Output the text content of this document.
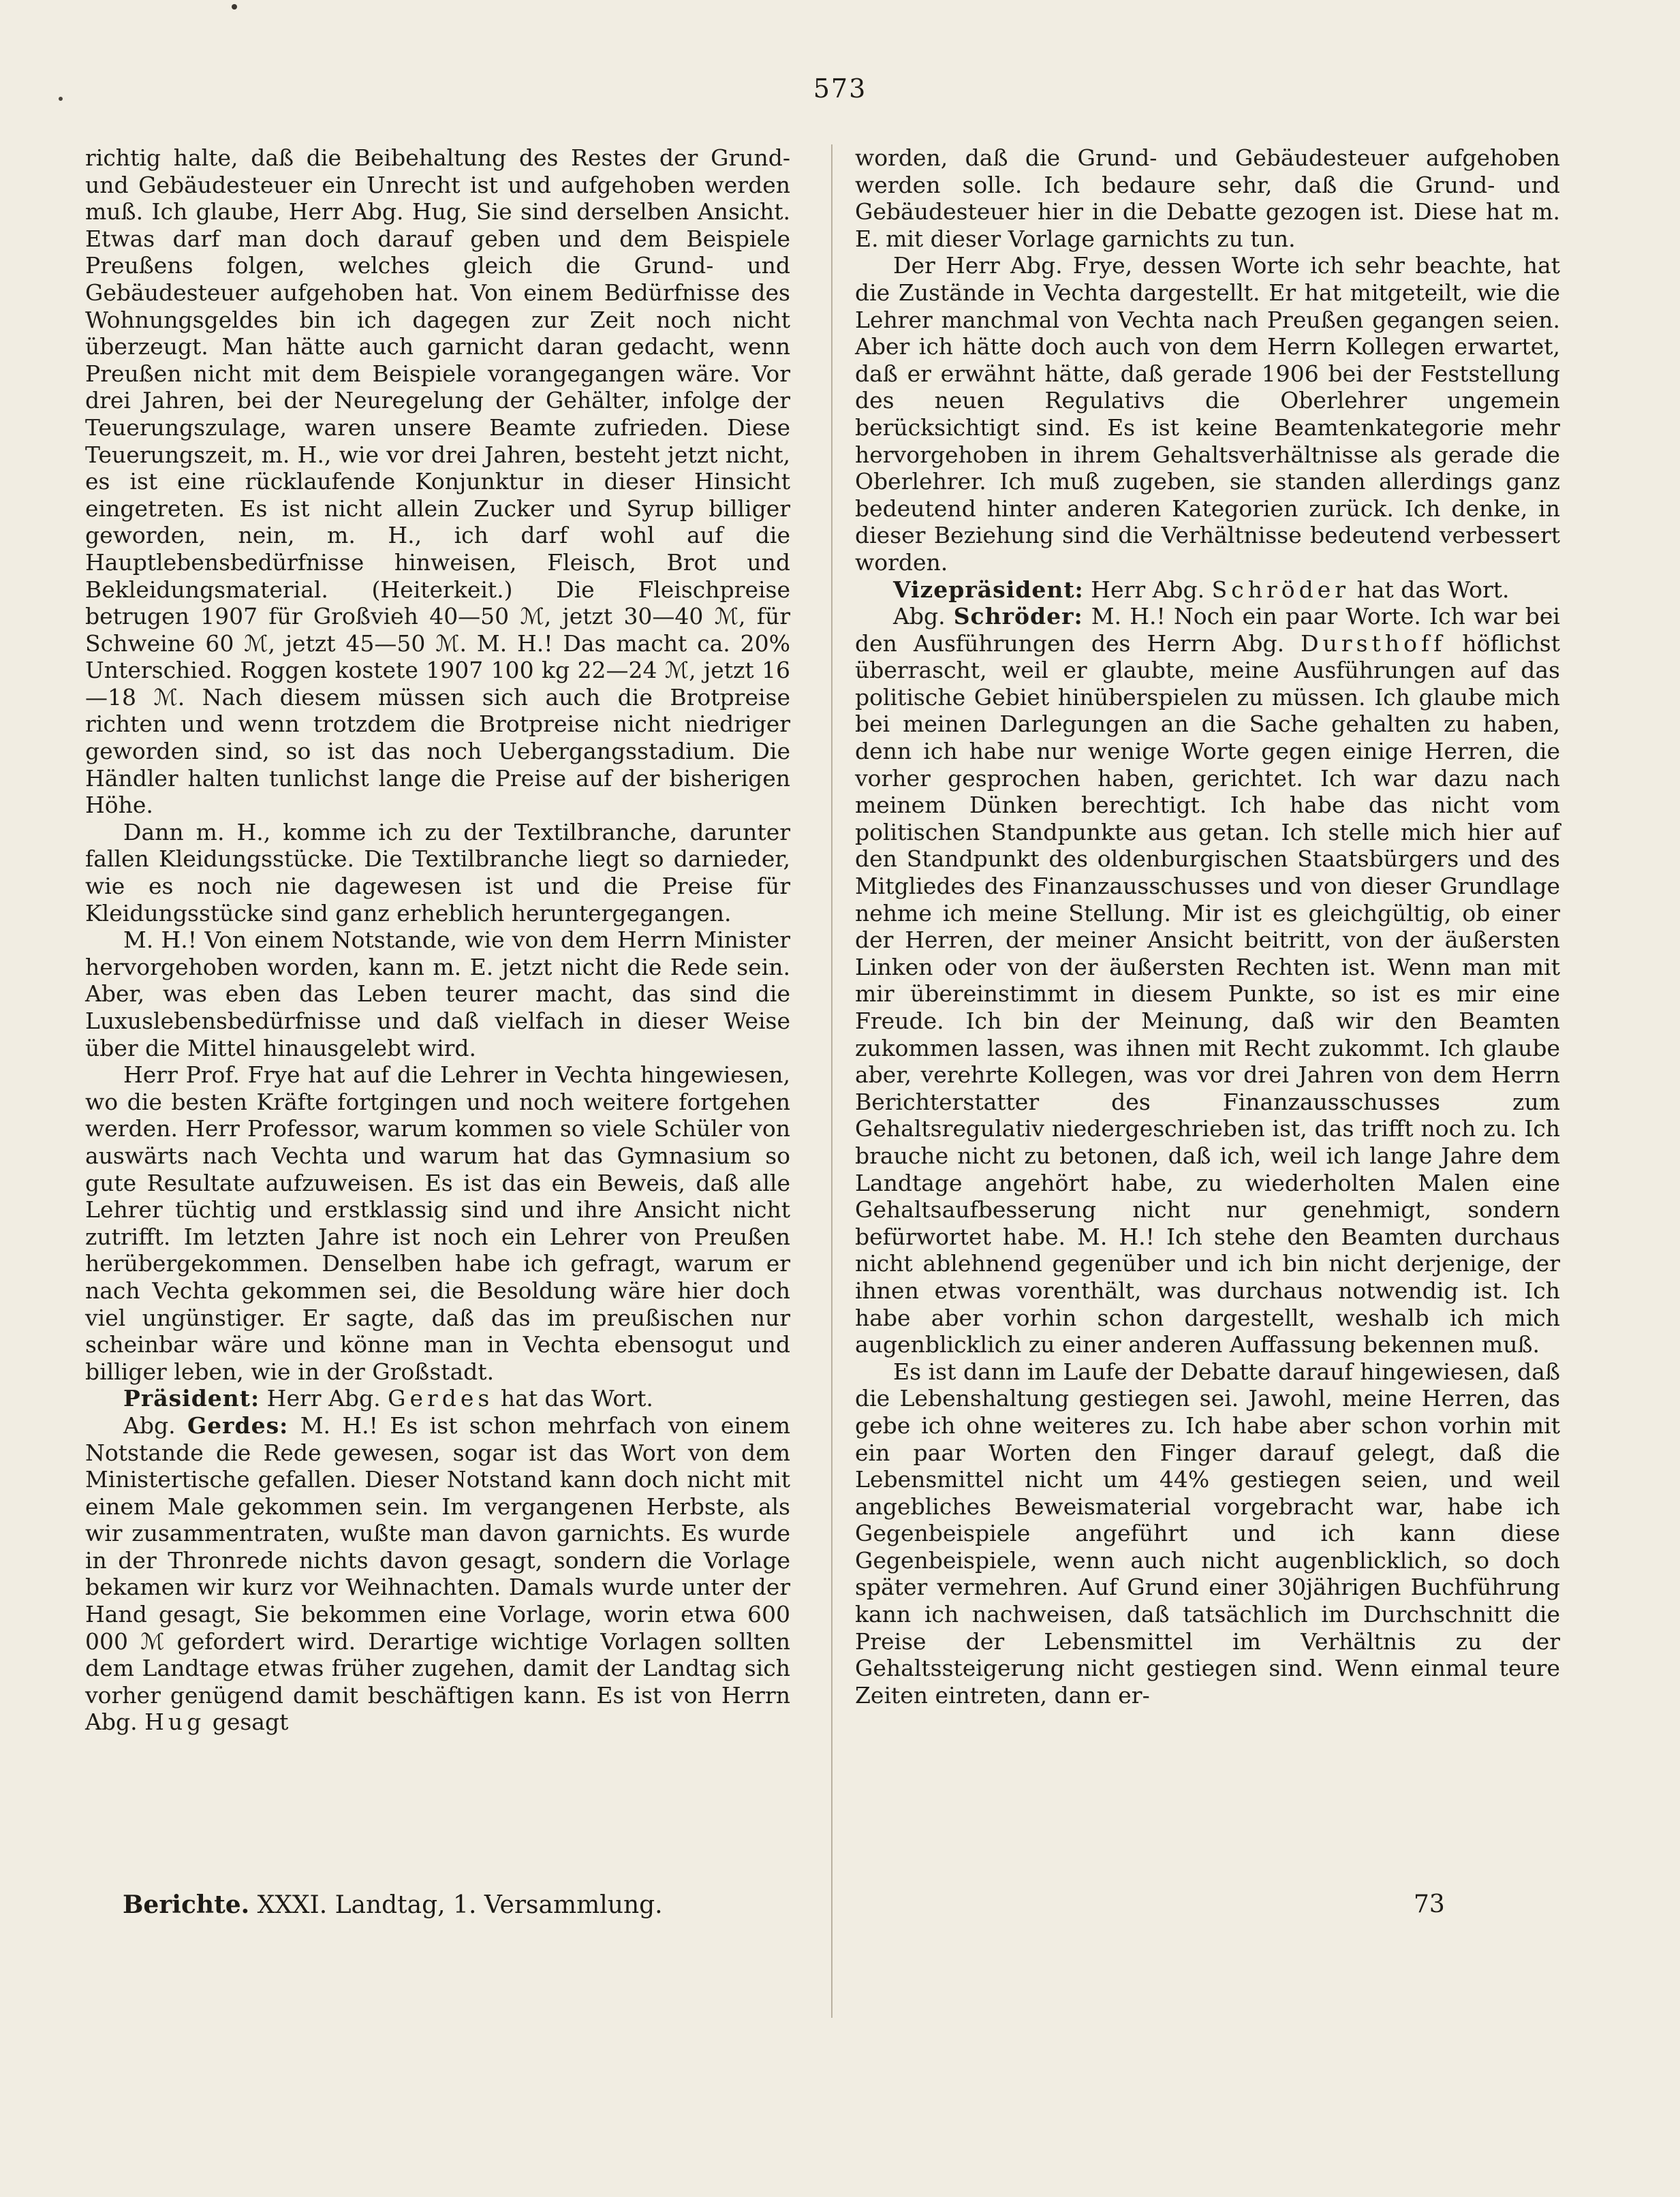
573

richtig halte, daß die Beibehaltung des Restes der Grund- und Gebäudesteuer ein Unrecht ist und aufgehoben werden muß. Ich glaube, Herr Abg. Hug, Sie sind derselben Ansicht. Etwas darf man doch darauf geben und dem Beispiele Preußens folgen, welches gleich die Grund- und Gebäudesteuer aufgehoben hat. Von einem Bedürfnisse des Wohnungsgeldes bin ich dagegen zur Zeit noch nicht überzeugt. Man hätte auch garnicht daran gedacht, wenn Preußen nicht mit dem Beispiele vorangegangen wäre. Vor drei Jahren, bei der Neuregelung der Gehälter, infolge der Teuerungszulage, waren unsere Beamte zufrieden. Diese Teuerungszeit, m. H., wie vor drei Jahren, besteht jetzt nicht, es ist eine rücklaufende Konjunktur in dieser Hinsicht eingetreten. Es ist nicht allein Zucker und Syrup billiger geworden, nein, m. H., ich darf wohl auf die Hauptlebensbedürfnisse hinweisen, Fleisch, Brot und Bekleidungsmaterial. (Heiterkeit.) Die Fleischpreise betrugen 1907 für Großvieh 40—50 ℳ, jetzt 30—40 ℳ, für Schweine 60 ℳ, jetzt 45—50 ℳ. M. H.! Das macht ca. 20% Unterschied. Roggen kostete 1907 100 kg 22—24 ℳ, jetzt 16—18 ℳ. Nach diesem müssen sich auch die Brotpreise richten und wenn trotzdem die Brotpreise nicht niedriger geworden sind, so ist das noch Uebergangsstadium. Die Händler halten tunlichst lange die Preise auf der bisherigen Höhe.

Dann m. H., komme ich zu der Textilbranche, darunter fallen Kleidungsstücke. Die Textilbranche liegt so darnieder, wie es noch nie dagewesen ist und die Preise für Kleidungsstücke sind ganz erheblich heruntergegangen.

M. H.! Von einem Notstande, wie von dem Herrn Minister hervorgehoben worden, kann m. E. jetzt nicht die Rede sein. Aber, was eben das Leben teurer macht, das sind die Luxuslebensbedürfnisse und daß vielfach in dieser Weise über die Mittel hinausgelebt wird.

Herr Prof. Frye hat auf die Lehrer in Vechta hingewiesen, wo die besten Kräfte fortgingen und noch weitere fortgehen werden. Herr Professor, warum kommen so viele Schüler von auswärts nach Vechta und warum hat das Gymnasium so gute Resultate aufzuweisen. Es ist das ein Beweis, daß alle Lehrer tüchtig und erstklassig sind und ihre Ansicht nicht zutrifft. Im letzten Jahre ist noch ein Lehrer von Preußen herübergekommen. Denselben habe ich gefragt, warum er nach Vechta gekommen sei, die Besoldung wäre hier doch viel ungünstiger. Er sagte, daß das im preußischen nur scheinbar wäre und könne man in Vechta ebensogut und billiger leben, wie in der Großstadt.

Präsident: Herr Abg. Gerdes hat das Wort.

Abg. Gerdes: M. H.! Es ist schon mehrfach von einem Notstande die Rede gewesen, sogar ist das Wort von dem Ministertische gefallen. Dieser Notstand kann doch nicht mit einem Male gekommen sein. Im vergangenen Herbste, als wir zusammentraten, wußte man davon garnichts. Es wurde in der Thronrede nichts davon gesagt, sondern die Vorlage bekamen wir kurz vor Weihnachten. Damals wurde unter der Hand gesagt, Sie bekommen eine Vorlage, worin etwa 600 000 ℳ gefordert wird. Derartige wichtige Vorlagen sollten dem Landtage etwas früher zugehen, damit der Landtag sich vorher genügend damit beschäftigen kann. Es ist von Herrn Abg. Hug gesagt

worden, daß die Grund- und Gebäudesteuer aufgehoben werden solle. Ich bedaure sehr, daß die Grund- und Gebäudesteuer hier in die Debatte gezogen ist. Diese hat m. E. mit dieser Vorlage garnichts zu tun.

Der Herr Abg. Frye, dessen Worte ich sehr beachte, hat die Zustände in Vechta dargestellt. Er hat mitgeteilt, wie die Lehrer manchmal von Vechta nach Preußen gegangen seien. Aber ich hätte doch auch von dem Herrn Kollegen erwartet, daß er erwähnt hätte, daß gerade 1906 bei der Feststellung des neuen Regulativs die Oberlehrer ungemein berücksichtigt sind. Es ist keine Beamtenkategorie mehr hervorgehoben in ihrem Gehaltsverhältnisse als gerade die Oberlehrer. Ich muß zugeben, sie standen allerdings ganz bedeutend hinter anderen Kategorien zurück. Ich denke, in dieser Beziehung sind die Verhältnisse bedeutend verbessert worden.

Vizepräsident: Herr Abg. Schröder hat das Wort.

Abg. Schröder: M. H.! Noch ein paar Worte. Ich war bei den Ausführungen des Herrn Abg. Dursthoff höflichst überrascht, weil er glaubte, meine Ausführungen auf das politische Gebiet hinüberspielen zu müssen. Ich glaube mich bei meinen Darlegungen an die Sache gehalten zu haben, denn ich habe nur wenige Worte gegen einige Herren, die vorher gesprochen haben, gerichtet. Ich war dazu nach meinem Dünken berechtigt. Ich habe das nicht vom politischen Standpunkte aus getan. Ich stelle mich hier auf den Standpunkt des oldenburgischen Staatsbürgers und des Mitgliedes des Finanzausschusses und von dieser Grundlage nehme ich meine Stellung. Mir ist es gleichgültig, ob einer der Herren, der meiner Ansicht beitritt, von der äußersten Linken oder von der äußersten Rechten ist. Wenn man mit mir übereinstimmt in diesem Punkte, so ist es mir eine Freude. Ich bin der Meinung, daß wir den Beamten zukommen lassen, was ihnen mit Recht zukommt. Ich glaube aber, verehrte Kollegen, was vor drei Jahren von dem Herrn Berichterstatter des Finanzausschusses zum Gehaltsregulativ niedergeschrieben ist, das trifft noch zu. Ich brauche nicht zu betonen, daß ich, weil ich lange Jahre dem Landtage angehört habe, zu wiederholten Malen eine Gehaltsaufbesserung nicht nur genehmigt, sondern befürwortet habe. M. H.! Ich stehe den Beamten durchaus nicht ablehnend gegenüber und ich bin nicht derjenige, der ihnen etwas vorenthält, was durchaus notwendig ist. Ich habe aber vorhin schon dargestellt, weshalb ich mich augenblicklich zu einer anderen Auffassung bekennen muß.

Es ist dann im Laufe der Debatte darauf hingewiesen, daß die Lebenshaltung gestiegen sei. Jawohl, meine Herren, das gebe ich ohne weiteres zu. Ich habe aber schon vorhin mit ein paar Worten den Finger darauf gelegt, daß die Lebensmittel nicht um 44% gestiegen seien, und weil angebliches Beweismaterial vorgebracht war, habe ich Gegenbeispiele angeführt und ich kann diese Gegenbeispiele, wenn auch nicht augenblicklich, so doch später vermehren. Auf Grund einer 30jährigen Buchführung kann ich nachweisen, daß tatsächlich im Durchschnitt die Preise der Lebensmittel im Verhältnis zu der Gehaltssteigerung nicht gestiegen sind. Wenn einmal teure Zeiten eintreten, dann er-

Berichte. XXXI. Landtag, 1. Versammlung.	73
